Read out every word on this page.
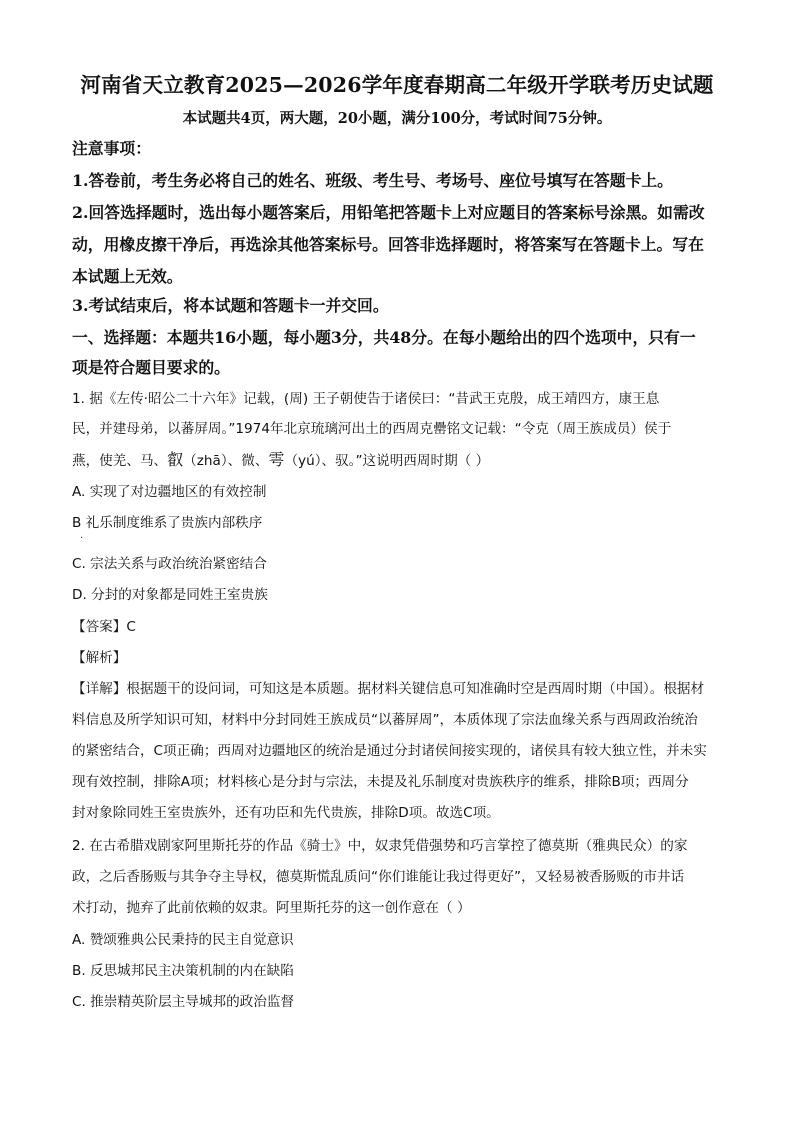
河南省天立教育2025—2026学年度春期高二年级开学联考历史试题
本试题共4页，两大题，20小题，满分100分，考试时间75分钟。
注意事项：
1.答卷前，考生务必将自己的姓名、班级、考生号、考场号、座位号填写在答题卡上。
2.回答选择题时，选出每小题答案后，用铅笔把答题卡上对应题目的答案标号涂黑。如需改
动，用橡皮擦干净后，再选涂其他答案标号。回答非选择题时，将答案写在答题卡上。写在
本试题上无效。
3.考试结束后，将本试题和答题卡一并交回。
一、选择题：本题共16小题，每小题3分，共48分。在每小题给出的四个选项中，只有一
项是符合题目要求的。
1. 据《左传·昭公二十六年》记载，(周) 王子朝使告于诸侯曰：“昔武王克殷，成王靖四方，康王息
民，并建母弟，以蕃屏周。”1974年北京琉璃河出土的西周克罍铭文记载：“令克（周王族成员）侯于
燕，使羌、马、叡（zhā）、微、雩（yú）、驭。”这说明西周时期（ ）
A. 实现了对边疆地区的有效控制
B 礼乐制度维系了贵族内部秩序
·
C. 宗法关系与政治统治紧密结合
D. 分封的对象都是同姓王室贵族
【答案】C
【解析】
【详解】根据题干的设问词，可知这是本质题。据材料关键信息可知准确时空是西周时期（中国）。根据材
料信息及所学知识可知，材料中分封同姓王族成员“以蕃屏周”，本质体现了宗法血缘关系与西周政治统治
的紧密结合，C项正确；西周对边疆地区的统治是通过分封诸侯间接实现的，诸侯具有较大独立性，并未实
现有效控制，排除A项；材料核心是分封与宗法，未提及礼乐制度对贵族秩序的维系，排除B项；西周分
封对象除同姓王室贵族外，还有功臣和先代贵族，排除D项。故选C项。
2. 在古希腊戏剧家阿里斯托芬的作品《骑士》中，奴隶凭借强势和巧言掌控了德莫斯（雅典民众）的家
政，之后香肠贩与其争夺主导权，德莫斯慌乱质问“你们谁能让我过得更好”，又轻易被香肠贩的市井话
术打动，抛弃了此前依赖的奴隶。阿里斯托芬的这一创作意在（ ）
A. 赞颂雅典公民秉持的民主自觉意识
B. 反思城邦民主决策机制的内在缺陷
C. 推崇精英阶层主导城邦的政治监督
